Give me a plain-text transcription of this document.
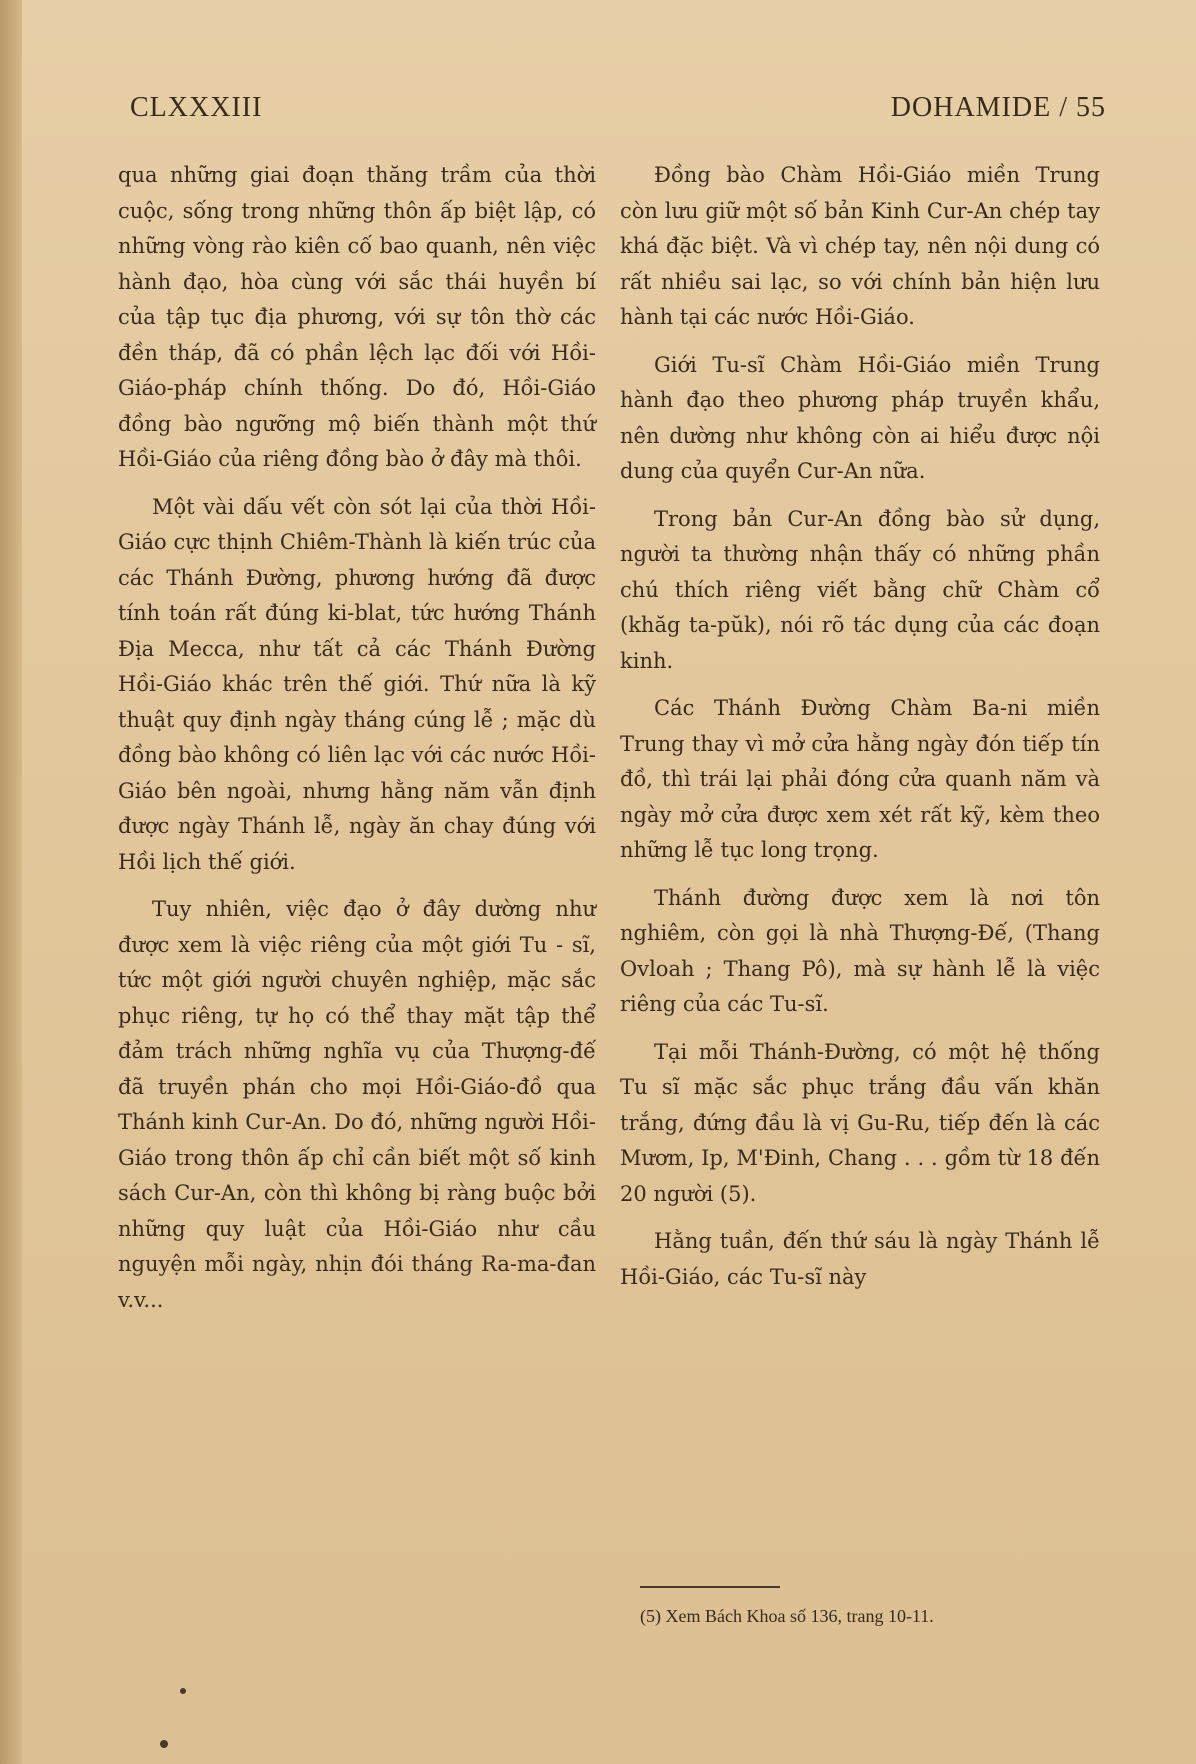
CLXXXIII	DOHAMIDE / 55

qua những giai đoạn thăng trầm của thời cuộc, sống trong những thôn ấp biệt lập, có những vòng rào kiên cố bao quanh, nên việc hành đạo, hòa cùng với sắc thái huyền bí của tập tục địa phương, với sự tôn thờ các đền tháp, đã có phần lệch lạc đối với Hồi-Giáo-pháp chính thống. Do đó, Hồi-Giáo đồng bào ngưỡng mộ biến thành một thứ Hồi-Giáo của riêng đồng bào ở đây mà thôi.

Một vài dấu vết còn sót lại của thời Hồi-Giáo cực thịnh Chiêm-Thành là kiến trúc của các Thánh Đường, phương hướng đã được tính toán rất đúng ki-blat, tức hướng Thánh Địa Mecca, như tất cả các Thánh Đường Hồi-Giáo khác trên thế giới. Thứ nữa là kỹ thuật quy định ngày tháng cúng lễ ; mặc dù đồng bào không có liên lạc với các nước Hồi-Giáo bên ngoài, nhưng hằng năm vẫn định được ngày Thánh lễ, ngày ăn chay đúng với Hồi lịch thế giới.

Tuy nhiên, việc đạo ở đây dường như được xem là việc riêng của một giới Tu - sĩ, tức một giới người chuyên nghiệp, mặc sắc phục riêng, tự họ có thể thay mặt tập thể đảm trách những nghĩa vụ của Thượng-đế đã truyền phán cho mọi Hồi-Giáo-đồ qua Thánh kinh Cur-An. Do đó, những người Hồi-Giáo trong thôn ấp chỉ cần biết một số kinh sách Cur-An, còn thì không bị ràng buộc bởi những quy luật của Hồi-Giáo như cầu nguyện mỗi ngày, nhịn đói tháng Ra-ma-đan v.v...

Đồng bào Chàm Hồi-Giáo miền Trung còn lưu giữ một số bản Kinh Cur-An chép tay khá đặc biệt. Và vì chép tay, nên nội dung có rất nhiều sai lạc, so với chính bản hiện lưu hành tại các nước Hồi-Giáo.

Giới Tu-sĩ Chàm Hồi-Giáo miền Trung hành đạo theo phương pháp truyền khẩu, nên dường như không còn ai hiểu được nội dung của quyển Cur-An nữa.

Trong bản Cur-An đồng bào sử dụng, người ta thường nhận thấy có những phần chú thích riêng viết bằng chữ Chàm cổ (khăg ta-pŭk), nói rõ tác dụng của các đoạn kinh.

Các Thánh Đường Chàm Ba-ni miền Trung thay vì mở cửa hằng ngày đón tiếp tín đồ, thì trái lại phải đóng cửa quanh năm và ngày mở cửa được xem xét rất kỹ, kèm theo những lễ tục long trọng.

Thánh đường được xem là nơi tôn nghiêm, còn gọi là nhà Thượng-Đế, (Thang Ovloah ; Thang Pô), mà sự hành lễ là việc riêng của các Tu-sĩ.

Tại mỗi Thánh-Đường, có một hệ thống Tu sĩ mặc sắc phục trắng đầu vấn khăn trắng, đứng đầu là vị Gu-Ru, tiếp đến là các Mươm, Ip, M'Đinh, Chang . . . gồm từ 18 đến 20 người (5).

Hằng tuần, đến thứ sáu là ngày Thánh lễ Hồi-Giáo, các Tu-sĩ này

(5) Xem Bách Khoa số 136, trang 10-11.
